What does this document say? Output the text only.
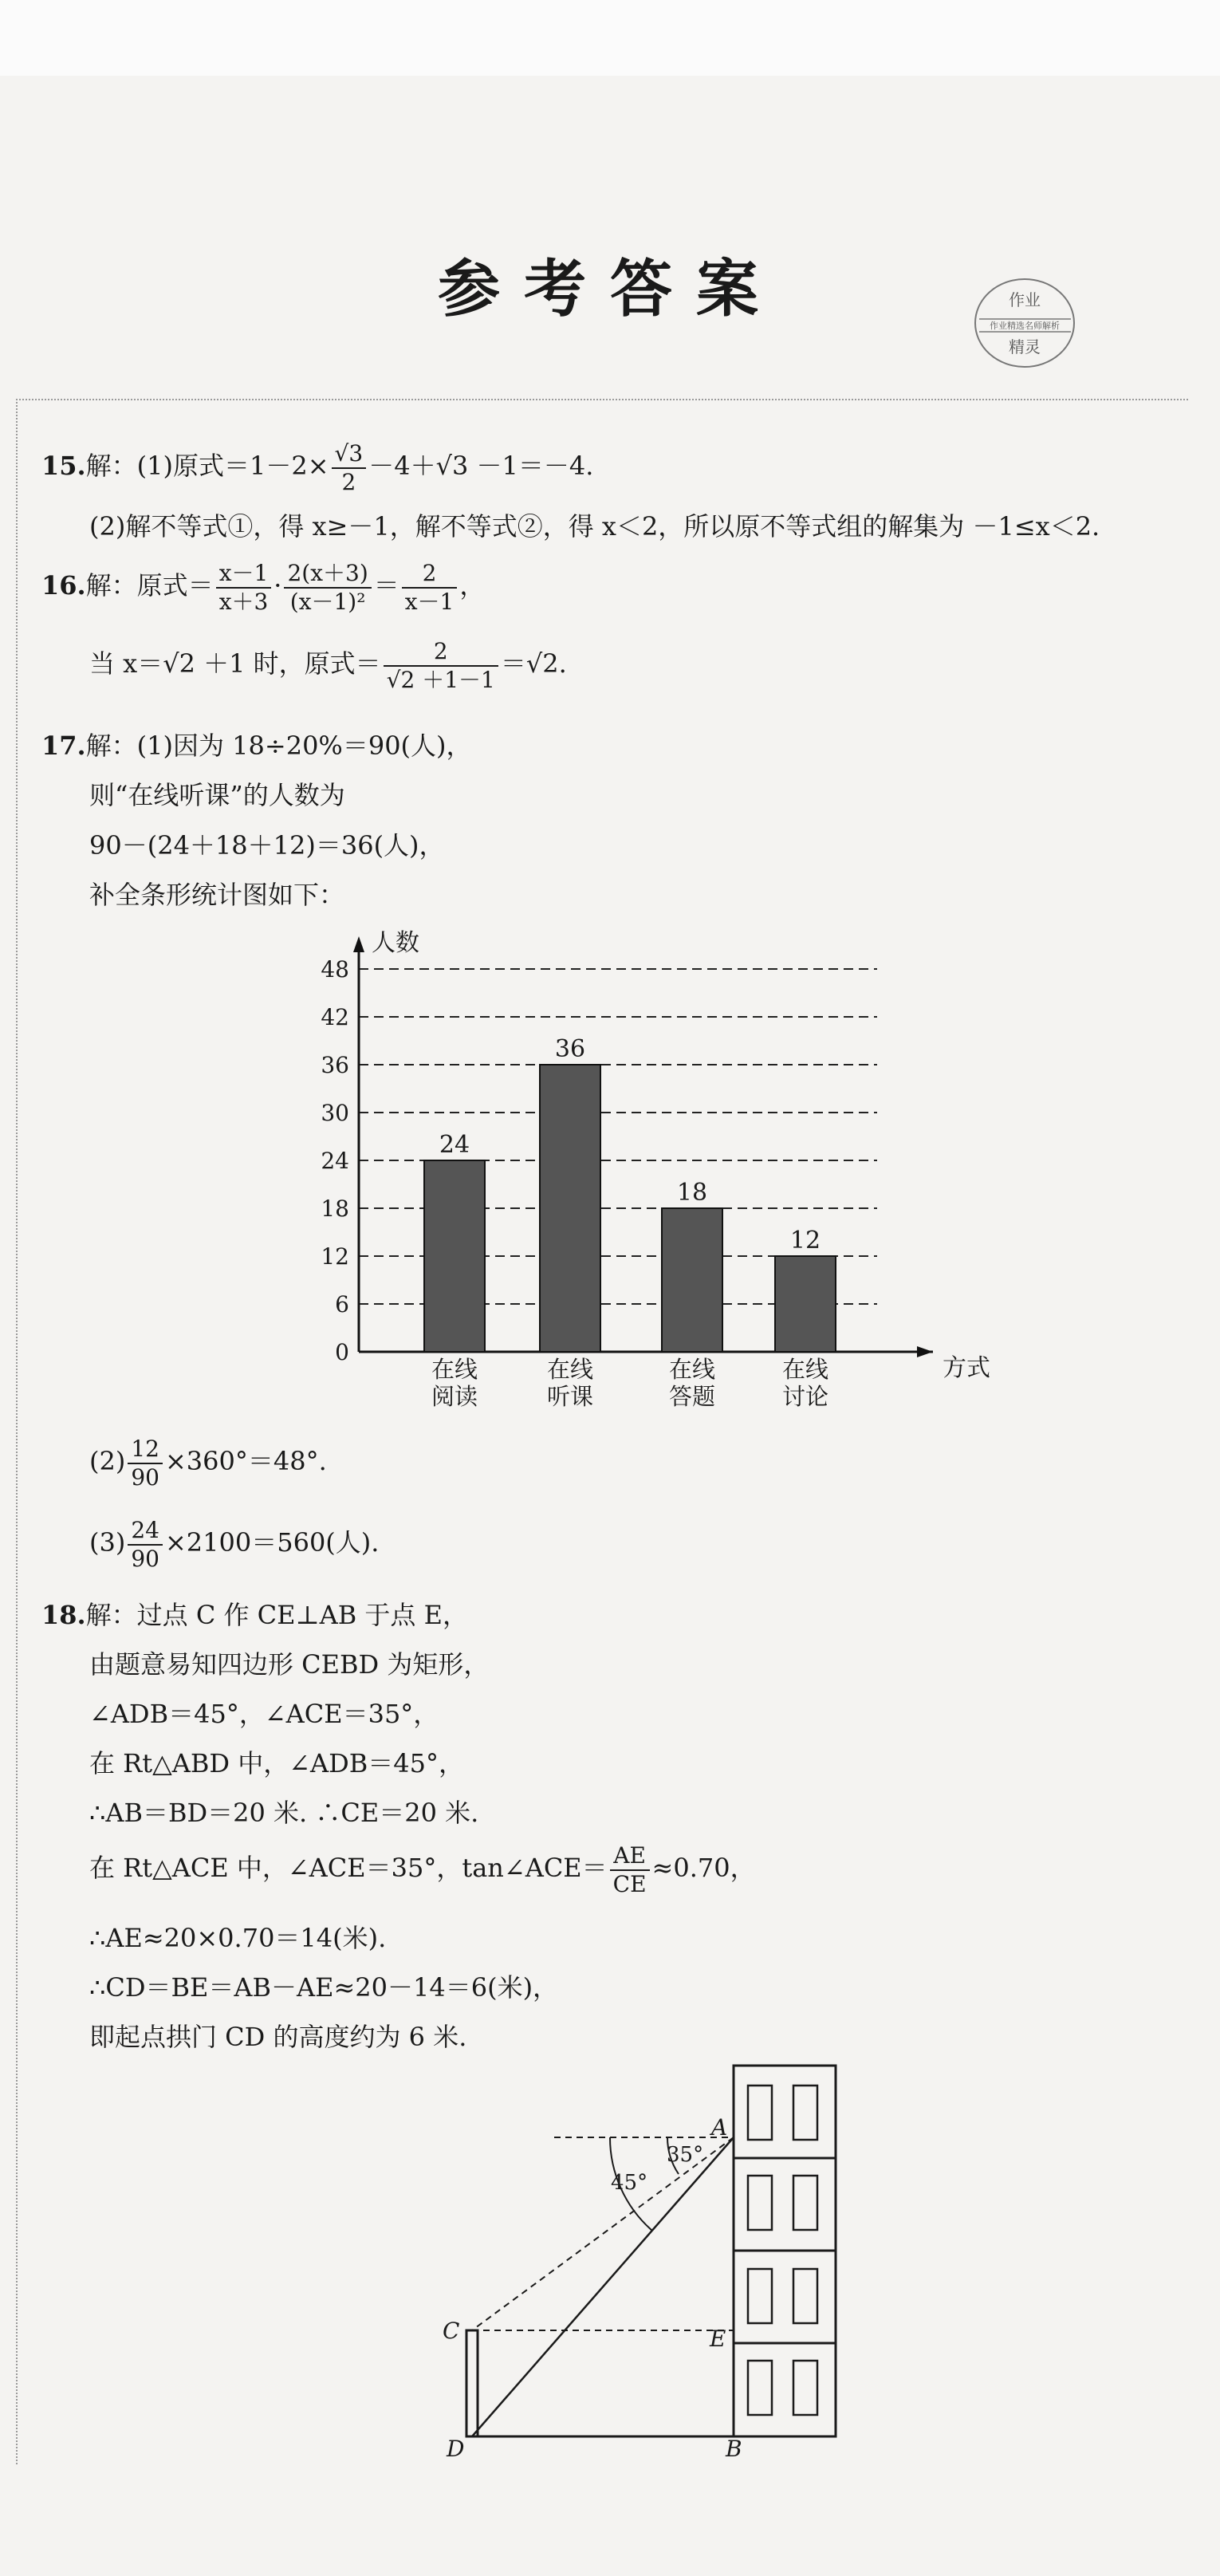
参考答案	作业
作业精选名师解析
精灵
15.解：(1)原式$=1-2\times \frac{√3}{2} -4+√3 -1=-4$.
(2)解不等式①，得 x≥－1，解不等式②，得 x＜2，所以原不等式组的解集为 －1≤x＜2.
16.解：原式＝ $\frac{x-1}{x+3} \cdot \frac{2(x+3)}{\text{(x－1)²}} = \frac{2}{x-1}$ ，
当 x＝√2 ＋1 时，原式＝ $\frac{2}{√2 +1-1} =√2$.
17.解：(1)因为 18÷20%＝90(人)，
则“在线听课”的人数为
90－(24＋18＋12)＝36(人)，
补全条形统计图如下：
0
6
12
18
24
30
36
42
48
人数
方式
24
在线
阅读
36
在线
听课
18
在线
答题
12
在线
讨论
$(2) \frac{12}{90} \times 360^\circ=48^\circ$.
$(3) \frac{24}{90} \times 2100=560$(人).
18.解：过点 C 作 CE⊥AB 于点 E，
由题意易知四边形 CEBD 为矩形，
∠ADB＝45°，∠ACE＝35°，
在 Rt△ABD 中，∠ADB＝45°，
∴AB＝BD＝20 米. ∴CE＝20 米.
在 Rt△ACE 中，∠ACE＝35°，tan∠ACE＝ $\frac{AE}{CE} \approx 0.70$，
∴AE≈20×0.70＝14(米).
∴CD＝BE＝AB－AE≈20－14＝6(米)，
即起点拱门 CD 的高度约为 6 米.
35°
45°
A
B
C
D
E
